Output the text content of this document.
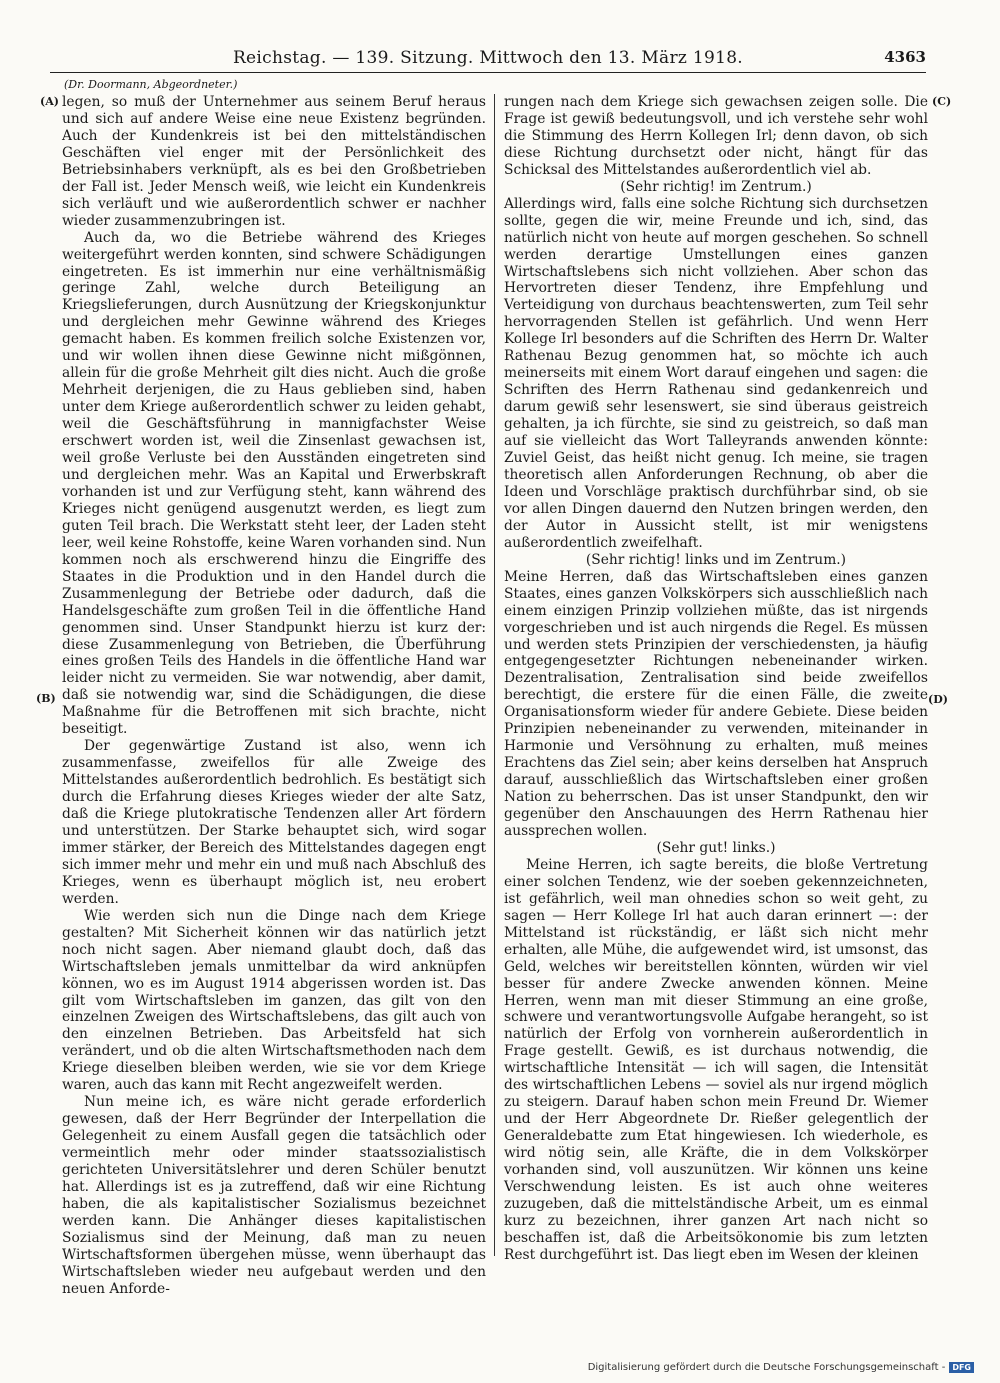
Reichstag. — 139. Sitzung. Mittwoch den 13. März 1918.	4363
(Dr. Doormann, Abgeordneter.)
(A)
(B)
(C)
(D)

legen, so muß der Unternehmer aus seinem Beruf heraus und sich auf andere Weise eine neue Existenz begründen. Auch der Kundenkreis ist bei den mittelständischen Geschäften viel enger mit der Persönlichkeit des Betriebsinhabers verknüpft, als es bei den Großbetrieben der Fall ist. Jeder Mensch weiß, wie leicht ein Kundenkreis sich verläuft und wie außerordentlich schwer er nachher wieder zusammenzubringen ist.

Auch da, wo die Betriebe während des Krieges weitergeführt werden konnten, sind schwere Schädigungen eingetreten. Es ist immerhin nur eine verhältnismäßig geringe Zahl, welche durch Beteiligung an Kriegslieferungen, durch Ausnützung der Kriegskonjunktur und dergleichen mehr Gewinne während des Krieges gemacht haben. Es kommen freilich solche Existenzen vor, und wir wollen ihnen diese Gewinne nicht mißgönnen, allein für die große Mehrheit gilt dies nicht. Auch die große Mehrheit derjenigen, die zu Haus geblieben sind, haben unter dem Kriege außerordentlich schwer zu leiden gehabt, weil die Geschäftsführung in mannigfachster Weise erschwert worden ist, weil die Zinsenlast gewachsen ist, weil große Verluste bei den Ausständen eingetreten sind und dergleichen mehr. Was an Kapital und Erwerbskraft vorhanden ist und zur Verfügung steht, kann während des Krieges nicht genügend ausgenutzt werden, es liegt zum guten Teil brach. Die Werkstatt steht leer, der Laden steht leer, weil keine Rohstoffe, keine Waren vorhanden sind. Nun kommen noch als erschwerend hinzu die Eingriffe des Staates in die Produktion und in den Handel durch die Zusammenlegung der Betriebe oder dadurch, daß die Handelsgeschäfte zum großen Teil in die öffentliche Hand genommen sind. Unser Standpunkt hierzu ist kurz der: diese Zusammenlegung von Betrieben, die Überführung eines großen Teils des Handels in die öffentliche Hand war leider nicht zu vermeiden. Sie war notwendig, aber damit, daß sie notwendig war, sind die Schädigungen, die diese Maßnahme für die Betroffenen mit sich brachte, nicht beseitigt.

Der gegenwärtige Zustand ist also, wenn ich zusammenfasse, zweifellos für alle Zweige des Mittelstandes außerordentlich bedrohlich. Es bestätigt sich durch die Erfahrung dieses Krieges wieder der alte Satz, daß die Kriege plutokratische Tendenzen aller Art fördern und unterstützen. Der Starke behauptet sich, wird sogar immer stärker, der Bereich des Mittelstandes dagegen engt sich immer mehr und mehr ein und muß nach Abschluß des Krieges, wenn es überhaupt möglich ist, neu erobert werden.

Wie werden sich nun die Dinge nach dem Kriege gestalten? Mit Sicherheit können wir das natürlich jetzt noch nicht sagen. Aber niemand glaubt doch, daß das Wirtschaftsleben jemals unmittelbar da wird anknüpfen können, wo es im August 1914 abgerissen worden ist. Das gilt vom Wirtschaftsleben im ganzen, das gilt von den einzelnen Zweigen des Wirtschaftslebens, das gilt auch von den einzelnen Betrieben. Das Arbeitsfeld hat sich verändert, und ob die alten Wirtschaftsmethoden nach dem Kriege dieselben bleiben werden, wie sie vor dem Kriege waren, auch das kann mit Recht angezweifelt werden.

Nun meine ich, es wäre nicht gerade erforderlich gewesen, daß der Herr Begründer der Interpellation die Gelegenheit zu einem Ausfall gegen die tatsächlich oder vermeintlich mehr oder minder staatssozialistisch gerichteten Universitätslehrer und deren Schüler benutzt hat. Allerdings ist es ja zutreffend, daß wir eine Richtung haben, die als kapitalistischer Sozialismus bezeichnet werden kann. Die Anhänger dieses kapitalistischen Sozialismus sind der Meinung, daß man zu neuen Wirtschaftsformen übergehen müsse, wenn überhaupt das Wirtschaftsleben wieder neu aufgebaut werden und den neuen Anforde-

rungen nach dem Kriege sich gewachsen zeigen solle. Die Frage ist gewiß bedeutungsvoll, und ich verstehe sehr wohl die Stimmung des Herrn Kollegen Irl; denn davon, ob sich diese Richtung durchsetzt oder nicht, hängt für das Schicksal des Mittelstandes außerordentlich viel ab.

(Sehr richtig! im Zentrum.)

Allerdings wird, falls eine solche Richtung sich durchsetzen sollte, gegen die wir, meine Freunde und ich, sind, das natürlich nicht von heute auf morgen geschehen. So schnell werden derartige Umstellungen eines ganzen Wirtschaftslebens sich nicht vollziehen. Aber schon das Hervortreten dieser Tendenz, ihre Empfehlung und Verteidigung von durchaus beachtenswerten, zum Teil sehr hervorragenden Stellen ist gefährlich. Und wenn Herr Kollege Irl besonders auf die Schriften des Herrn Dr. Walter Rathenau Bezug genommen hat, so möchte ich auch meinerseits mit einem Wort darauf eingehen und sagen: die Schriften des Herrn Rathenau sind gedankenreich und darum gewiß sehr lesenswert, sie sind überaus geistreich gehalten, ja ich fürchte, sie sind zu geistreich, so daß man auf sie vielleicht das Wort Talleyrands anwenden könnte: Zuviel Geist, das heißt nicht genug. Ich meine, sie tragen theoretisch allen Anforderungen Rechnung, ob aber die Ideen und Vorschläge praktisch durchführbar sind, ob sie vor allen Dingen dauernd den Nutzen bringen werden, den der Autor in Aussicht stellt, ist mir wenigstens außerordentlich zweifelhaft.

(Sehr richtig! links und im Zentrum.)

Meine Herren, daß das Wirtschaftsleben eines ganzen Staates, eines ganzen Volkskörpers sich ausschließlich nach einem einzigen Prinzip vollziehen müßte, das ist nirgends vorgeschrieben und ist auch nirgends die Regel. Es müssen und werden stets Prinzipien der verschiedensten, ja häufig entgegengesetzter Richtungen nebeneinander wirken. Dezentralisation, Zentralisation sind beide zweifellos berechtigt, die erstere für die einen Fälle, die zweite Organisationsform wieder für andere Gebiete. Diese beiden Prinzipien nebeneinander zu verwenden, miteinander in Harmonie und Versöhnung zu erhalten, muß meines Erachtens das Ziel sein; aber keins derselben hat Anspruch darauf, ausschließlich das Wirtschaftsleben einer großen Nation zu beherrschen. Das ist unser Standpunkt, den wir gegenüber den Anschauungen des Herrn Rathenau hier aussprechen wollen.

(Sehr gut! links.)

Meine Herren, ich sagte bereits, die bloße Vertretung einer solchen Tendenz, wie der soeben gekennzeichneten, ist gefährlich, weil man ohnedies schon so weit geht, zu sagen — Herr Kollege Irl hat auch daran erinnert —: der Mittelstand ist rückständig, er läßt sich nicht mehr erhalten, alle Mühe, die aufgewendet wird, ist umsonst, das Geld, welches wir bereitstellen könnten, würden wir viel besser für andere Zwecke anwenden können. Meine Herren, wenn man mit dieser Stimmung an eine große, schwere und verantwortungsvolle Aufgabe herangeht, so ist natürlich der Erfolg von vornherein außerordentlich in Frage gestellt. Gewiß, es ist durchaus notwendig, die wirtschaftliche Intensität — ich will sagen, die Intensität des wirtschaftlichen Lebens — soviel als nur irgend möglich zu steigern. Darauf haben schon mein Freund Dr. Wiemer und der Herr Abgeordnete Dr. Rießer gelegentlich der Generaldebatte zum Etat hingewiesen. Ich wiederhole, es wird nötig sein, alle Kräfte, die in dem Volkskörper vorhanden sind, voll auszunützen. Wir können uns keine Verschwendung leisten. Es ist auch ohne weiteres zuzugeben, daß die mittelständische Arbeit, um es einmal kurz zu bezeichnen, ihrer ganzen Art nach nicht so beschaffen ist, daß die Arbeitsökonomie bis zum letzten Rest durchgeführt ist. Das liegt eben im Wesen der kleinen

Digitalisierung gefördert durch die Deutsche Forschungsgemeinschaft - DFG
